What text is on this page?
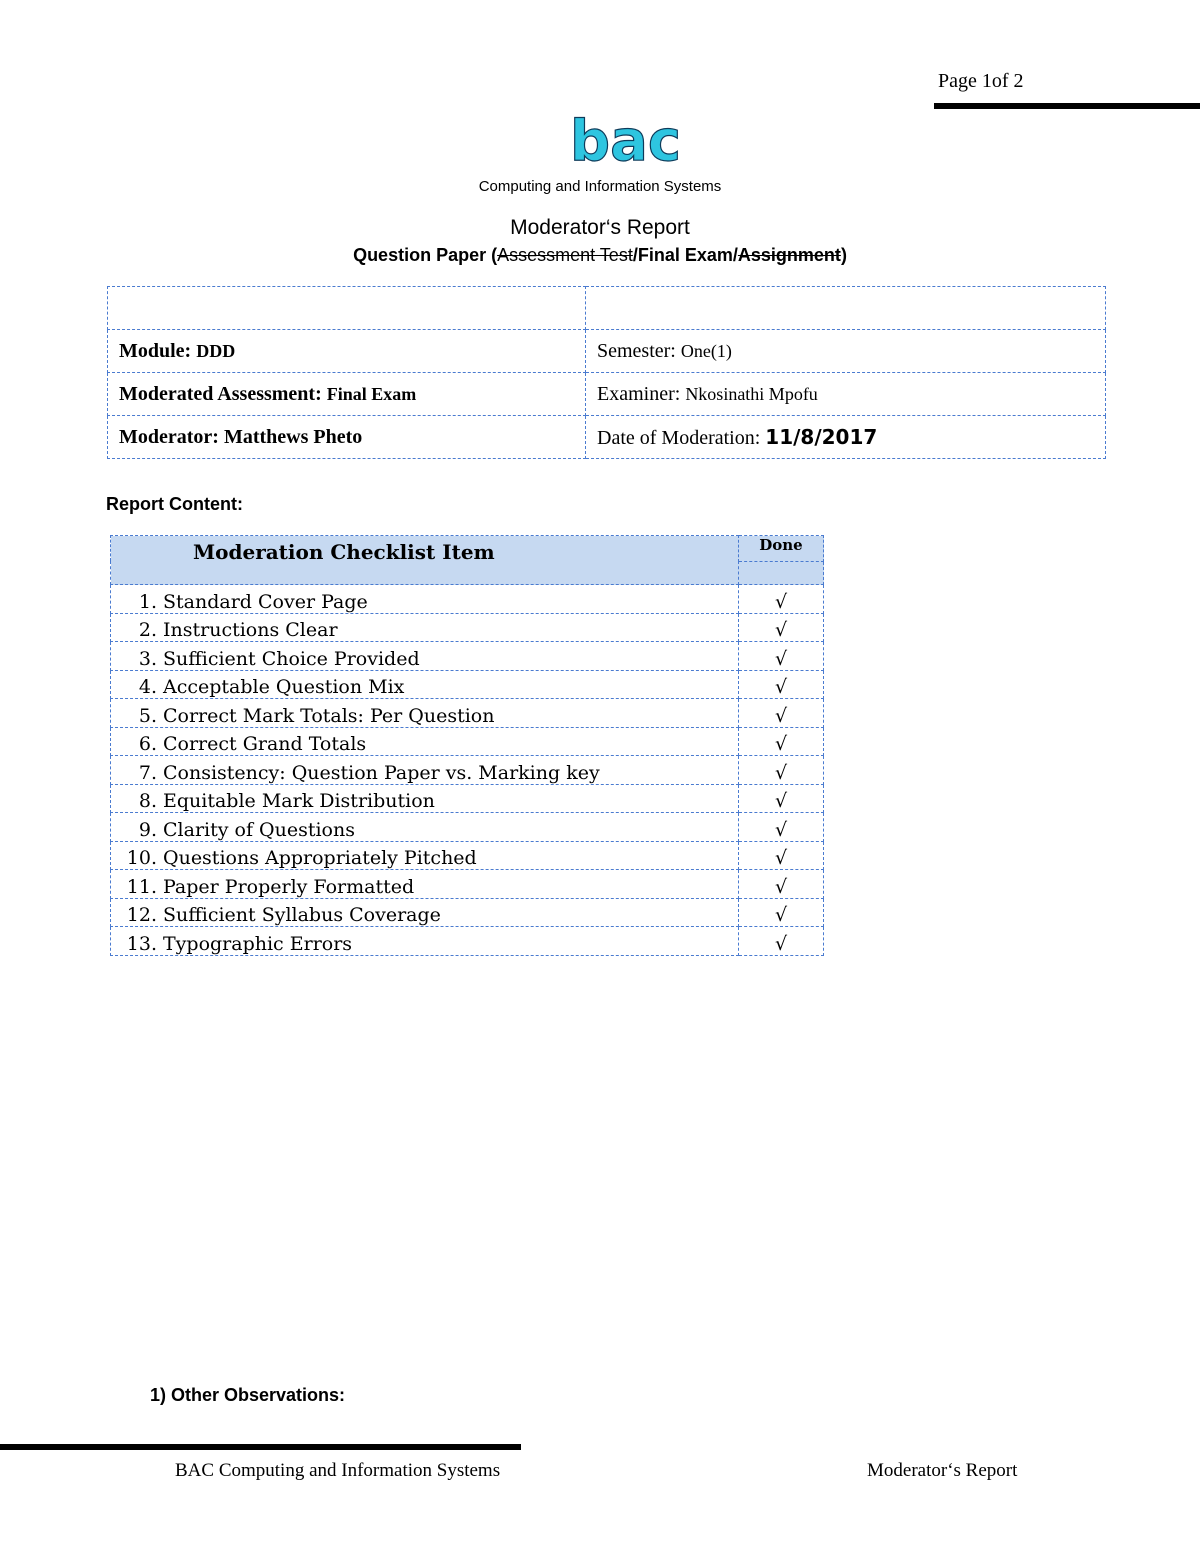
Page 1of 2
bac
Computing and Information Systems
Moderator‘s Report
Question Paper (Assessment Test/Final Exam/Assignment)

Module: DDD	Semester: One(1)
Moderated Assessment: Final Exam	Examiner: Nkosinathi Mpofu
Moderator: Matthews Pheto	Date of Moderation: 11/8/2017
Report Content:
Moderation Checklist Item	Done

1. Standard Cover Page	√
2. Instructions Clear	√
3. Sufficient Choice Provided	√
4. Acceptable Question Mix	√
5. Correct Mark Totals: Per Question	√
6. Correct Grand Totals	√
7. Consistency: Question Paper vs. Marking key	√
8. Equitable Mark Distribution	√
9. Clarity of Questions	√
10. Questions Appropriately Pitched	√
11. Paper Properly Formatted	√
12. Sufficient Syllabus Coverage	√
13. Typographic Errors	√
1) Other Observations:
BAC Computing and Information Systems	Moderator‘s Report
